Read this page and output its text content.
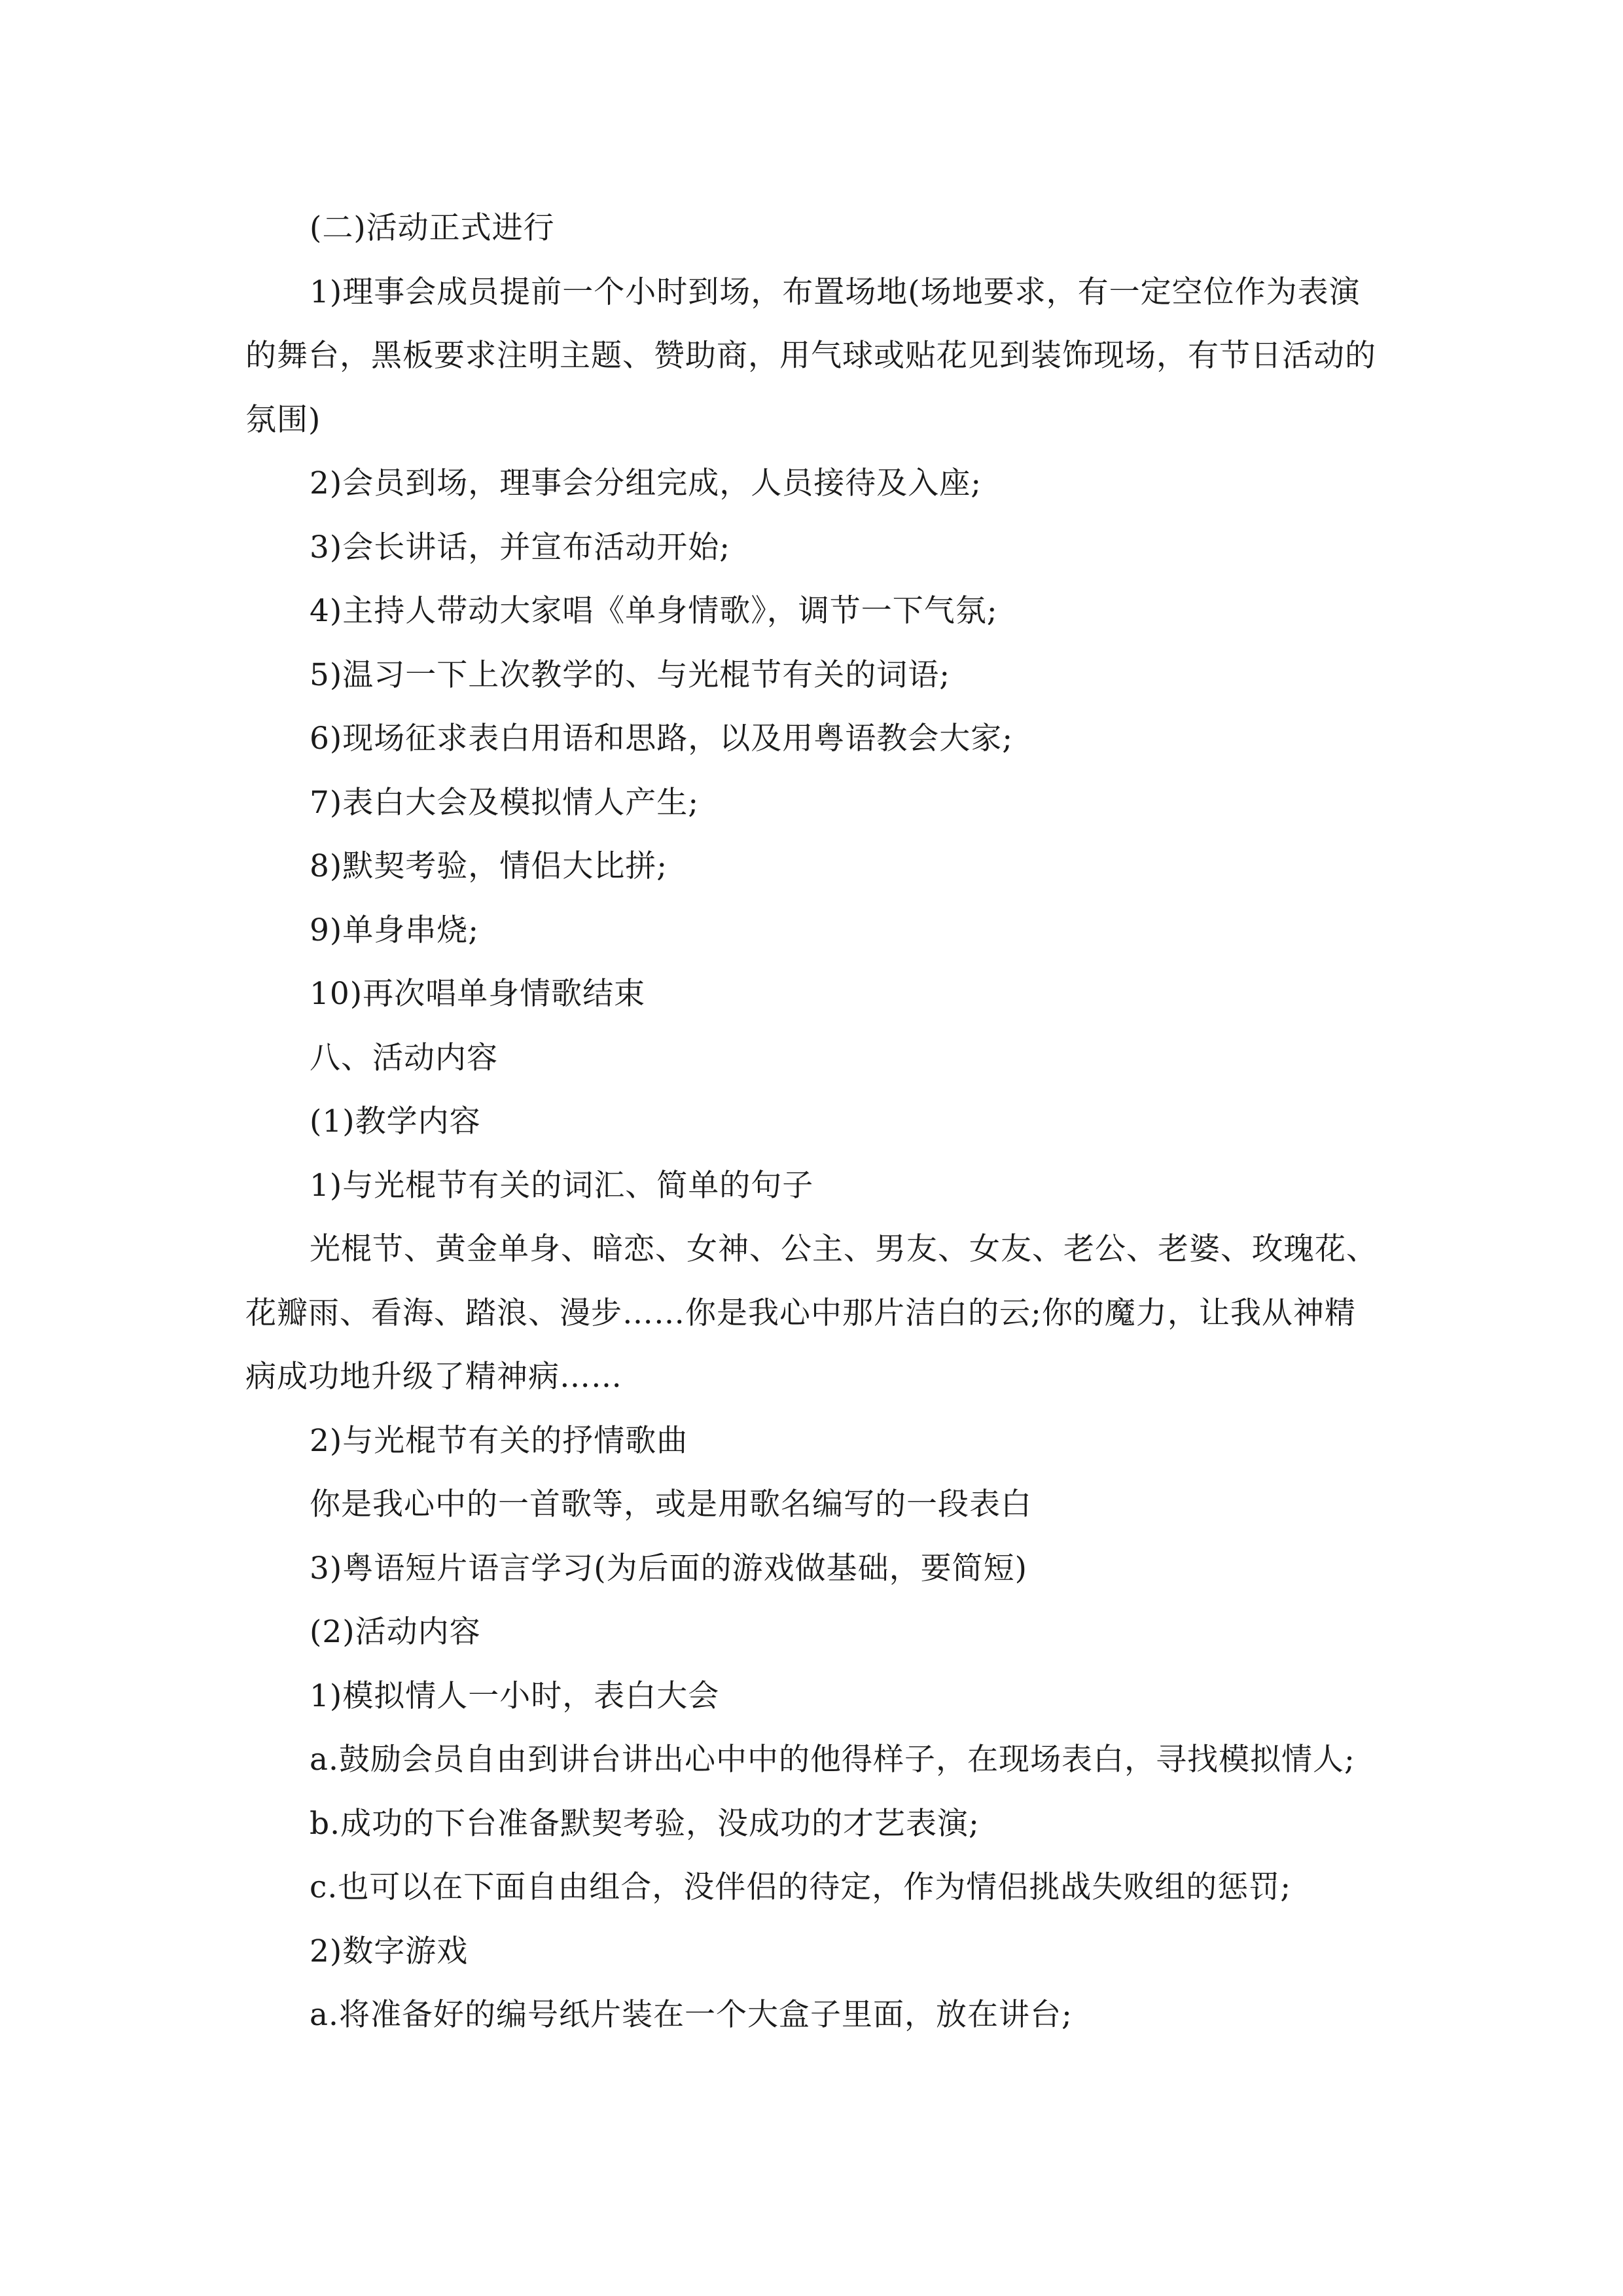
(二)活动正式进行

1)理事会成员提前一个小时到场，布置场地(场地要求，有一定空位作为表演的舞台，黑板要求注明主题、赞助商，用气球或贴花见到装饰现场，有节日活动的氛围)

2)会员到场，理事会分组完成，人员接待及入座;

3)会长讲话，并宣布活动开始;

4)主持人带动大家唱《单身情歌》，调节一下气氛;

5)温习一下上次教学的、与光棍节有关的词语;

6)现场征求表白用语和思路，以及用粤语教会大家;

7)表白大会及模拟情人产生;

8)默契考验，情侣大比拼;

9)单身串烧;

10)再次唱单身情歌结束

八、活动内容

(1)教学内容

1)与光棍节有关的词汇、简单的句子

光棍节、黄金单身、暗恋、女神、公主、男友、女友、老公、老婆、玫瑰花、花瓣雨、看海、踏浪、漫步……你是我心中那片洁白的云;你的魔力，让我从神精病成功地升级了精神病……

2)与光棍节有关的抒情歌曲

你是我心中的一首歌等，或是用歌名编写的一段表白

3)粤语短片语言学习(为后面的游戏做基础，要简短)

(2)活动内容

1)模拟情人一小时，表白大会

a.鼓励会员自由到讲台讲出心中中的他得样子，在现场表白，寻找模拟情人;

b.成功的下台准备默契考验，没成功的才艺表演;

c.也可以在下面自由组合，没伴侣的待定，作为情侣挑战失败组的惩罚;

2)数字游戏

a.将准备好的编号纸片装在一个大盒子里面，放在讲台;
